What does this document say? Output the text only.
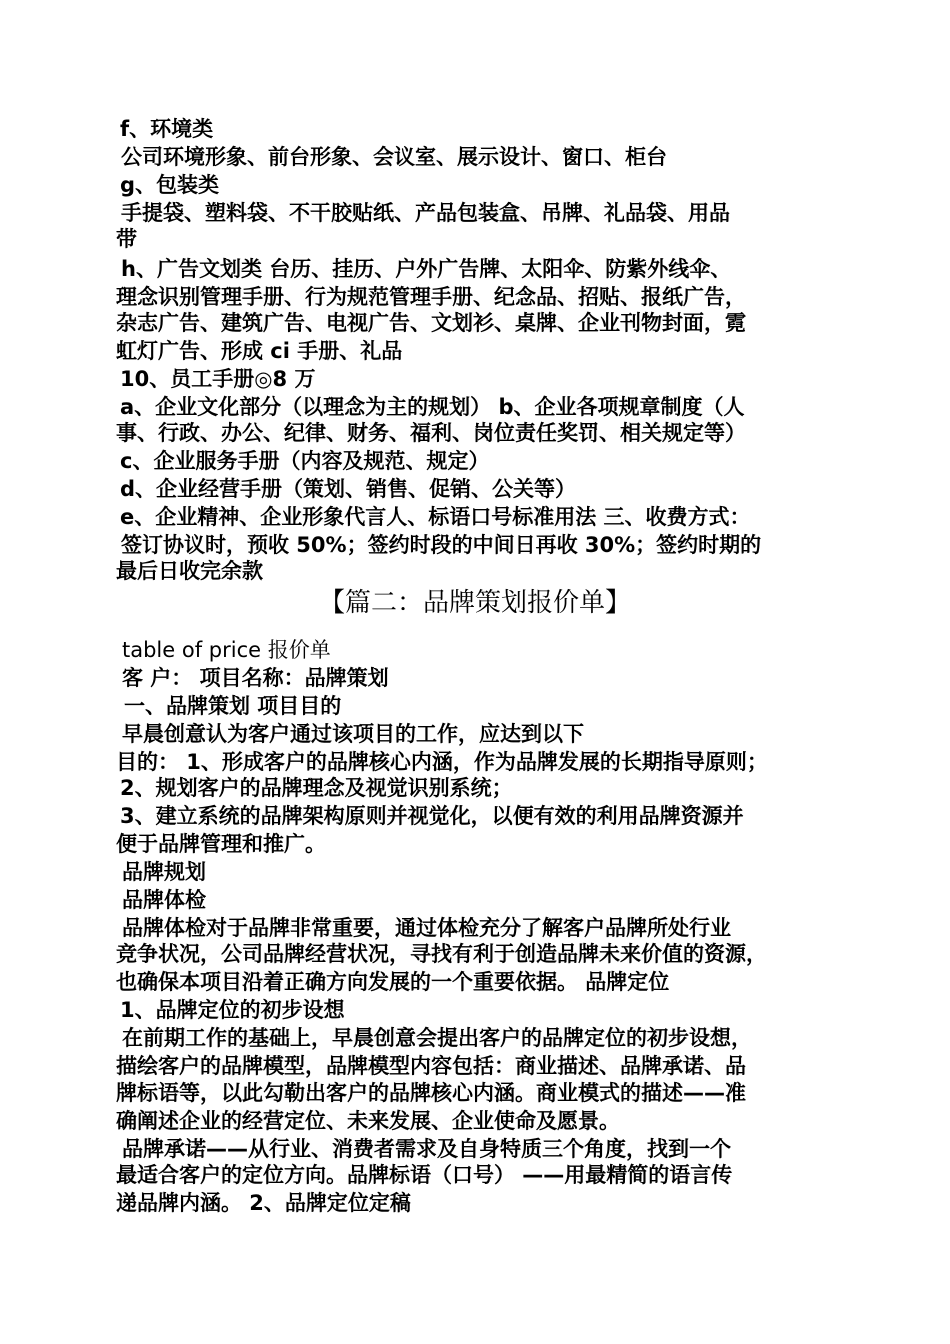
f、环境类
公司环境形象、前台形象、会议室、展示设计、窗口、柜台
g、包装类
手提袋、塑料袋、不干胶贴纸、产品包装盒、吊牌、礼品袋、用品
带
h、广告文划类 台历、挂历、户外广告牌、太阳伞、防紫外线伞、
理念识别管理手册、行为规范管理手册、纪念品、招贴、报纸广告，
杂志广告、建筑广告、电视广告、文划衫、桌牌、企业刊物封面，霓
虹灯广告、形成 ci 手册、礼品
10、员工手册◎8 万
a、企业文化部分（以理念为主的规划） b、企业各项规章制度（人
事、行政、办公、纪律、财务、福利、岗位责任奖罚、相关规定等）
c、企业服务手册（内容及规范、规定）
d、企业经营手册（策划、销售、促销、公关等）
e、企业精神、企业形象代言人、标语口号标准用法 三、收费方式：
签订协议时，预收 50%；签约时段的中间日再收 30%；签约时期的
最后日收完余款
【篇二：品牌策划报价单】
table of price 报价单
客 户： 项目名称：品牌策划
一、品牌策划 项目目的
早晨创意认为客户通过该项目的工作，应达到以下
目的： 1、形成客户的品牌核心内涵，作为品牌发展的长期指导原则；
2、规划客户的品牌理念及视觉识别系统；
3、建立系统的品牌架构原则并视觉化，以便有效的利用品牌资源并
便于品牌管理和推广。
品牌规划
品牌体检
品牌体检对于品牌非常重要，通过体检充分了解客户品牌所处行业
竞争状况，公司品牌经营状况，寻找有利于创造品牌未来价值的资源，
也确保本项目沿着正确方向发展的一个重要依据。 品牌定位
1、品牌定位的初步设想
在前期工作的基础上，早晨创意会提出客户的品牌定位的初步设想，
描绘客户的品牌模型，品牌模型内容包括：商业描述、品牌承诺、品
牌标语等，以此勾勒出客户的品牌核心内涵。商业模式的描述——准
确阐述企业的经营定位、未来发展、企业使命及愿景。
品牌承诺——从行业、消费者需求及自身特质三个角度，找到一个
最适合客户的定位方向。品牌标语（口号） ——用最精简的语言传
递品牌内涵。 2、品牌定位定稿
